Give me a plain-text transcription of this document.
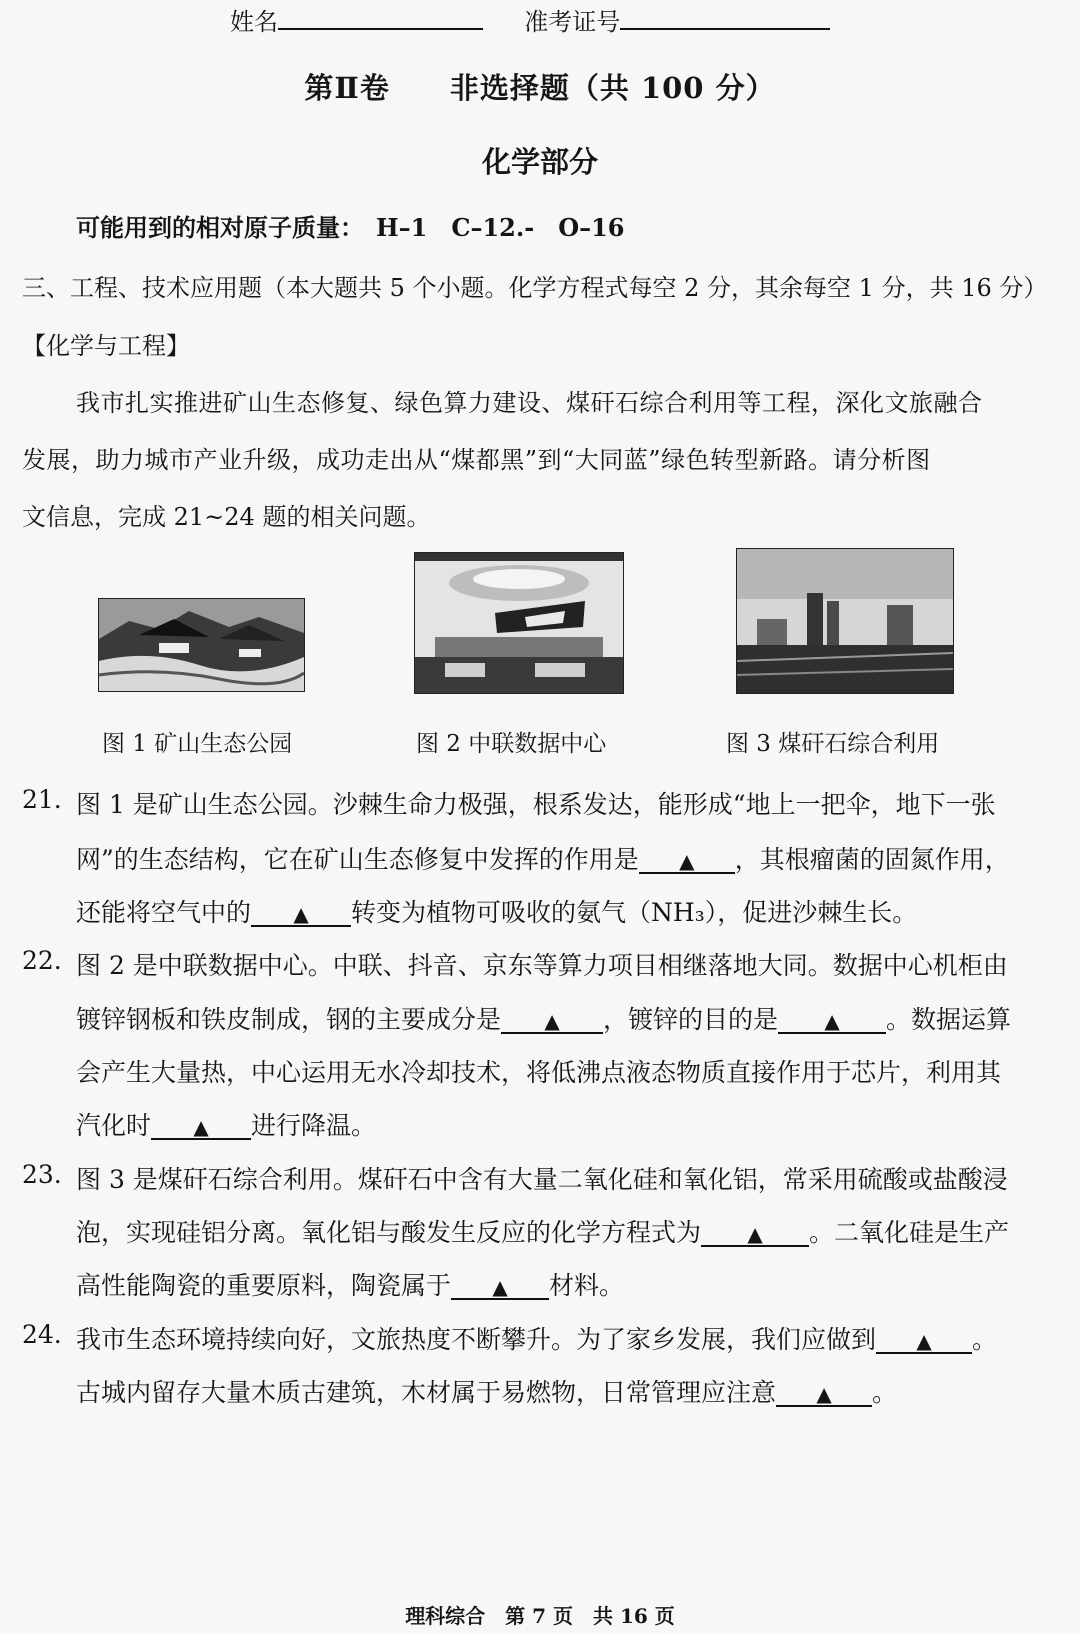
姓名	准考证号
第Ⅱ卷　　非选择题（共 100 分）
化学部分
可能用到的相对原子质量：　H–1　C–12.-　O–16
三、工程、技术应用题（本大题共 5 个小题。化学方程式每空 2 分，其余每空 1 分，共 16 分）
【化学与工程】
我市扎实推进矿山生态修复、绿色算力建设、煤矸石综合利用等工程，深化文旅融合
发展，助力城市产业升级，成功走出从“煤都黑”到“大同蓝”绿色转型新路。请分析图
文信息，完成 21~24 题的相关问题。
图 1 矿山生态公园	图 2 中联数据中心	图 3 煤矸石综合利用
21. 图 1 是矿山生态公园。沙棘生命力极强，根系发达，能形成“地上一把伞，地下一张
网”的生态结构，它在矿山生态修复中发挥的作用是 ▲ ，其根瘤菌的固氮作用，
还能将空气中的 ▲ 转变为植物可吸收的氨气（NH₃），促进沙棘生长。
22. 图 2 是中联数据中心。中联、抖音、京东等算力项目相继落地大同。数据中心机柜由
镀锌钢板和铁皮制成，钢的主要成分是 ▲ ，镀锌的目的是 ▲ 。数据运算
会产生大量热，中心运用无水冷却技术，将低沸点液态物质直接作用于芯片，利用其
汽化时 ▲ 进行降温。
23. 图 3 是煤矸石综合利用。煤矸石中含有大量二氧化硅和氧化铝，常采用硫酸或盐酸浸
泡，实现硅铝分离。氧化铝与酸发生反应的化学方程式为 ▲ 。二氧化硅是生产
高性能陶瓷的重要原料，陶瓷属于 ▲ 材料。
24. 我市生态环境持续向好，文旅热度不断攀升。为了家乡发展，我们应做到 ▲ 。
古城内留存大量木质古建筑，木材属于易燃物，日常管理应注意 ▲ 。
理科综合　第 7 页　共 16 页
